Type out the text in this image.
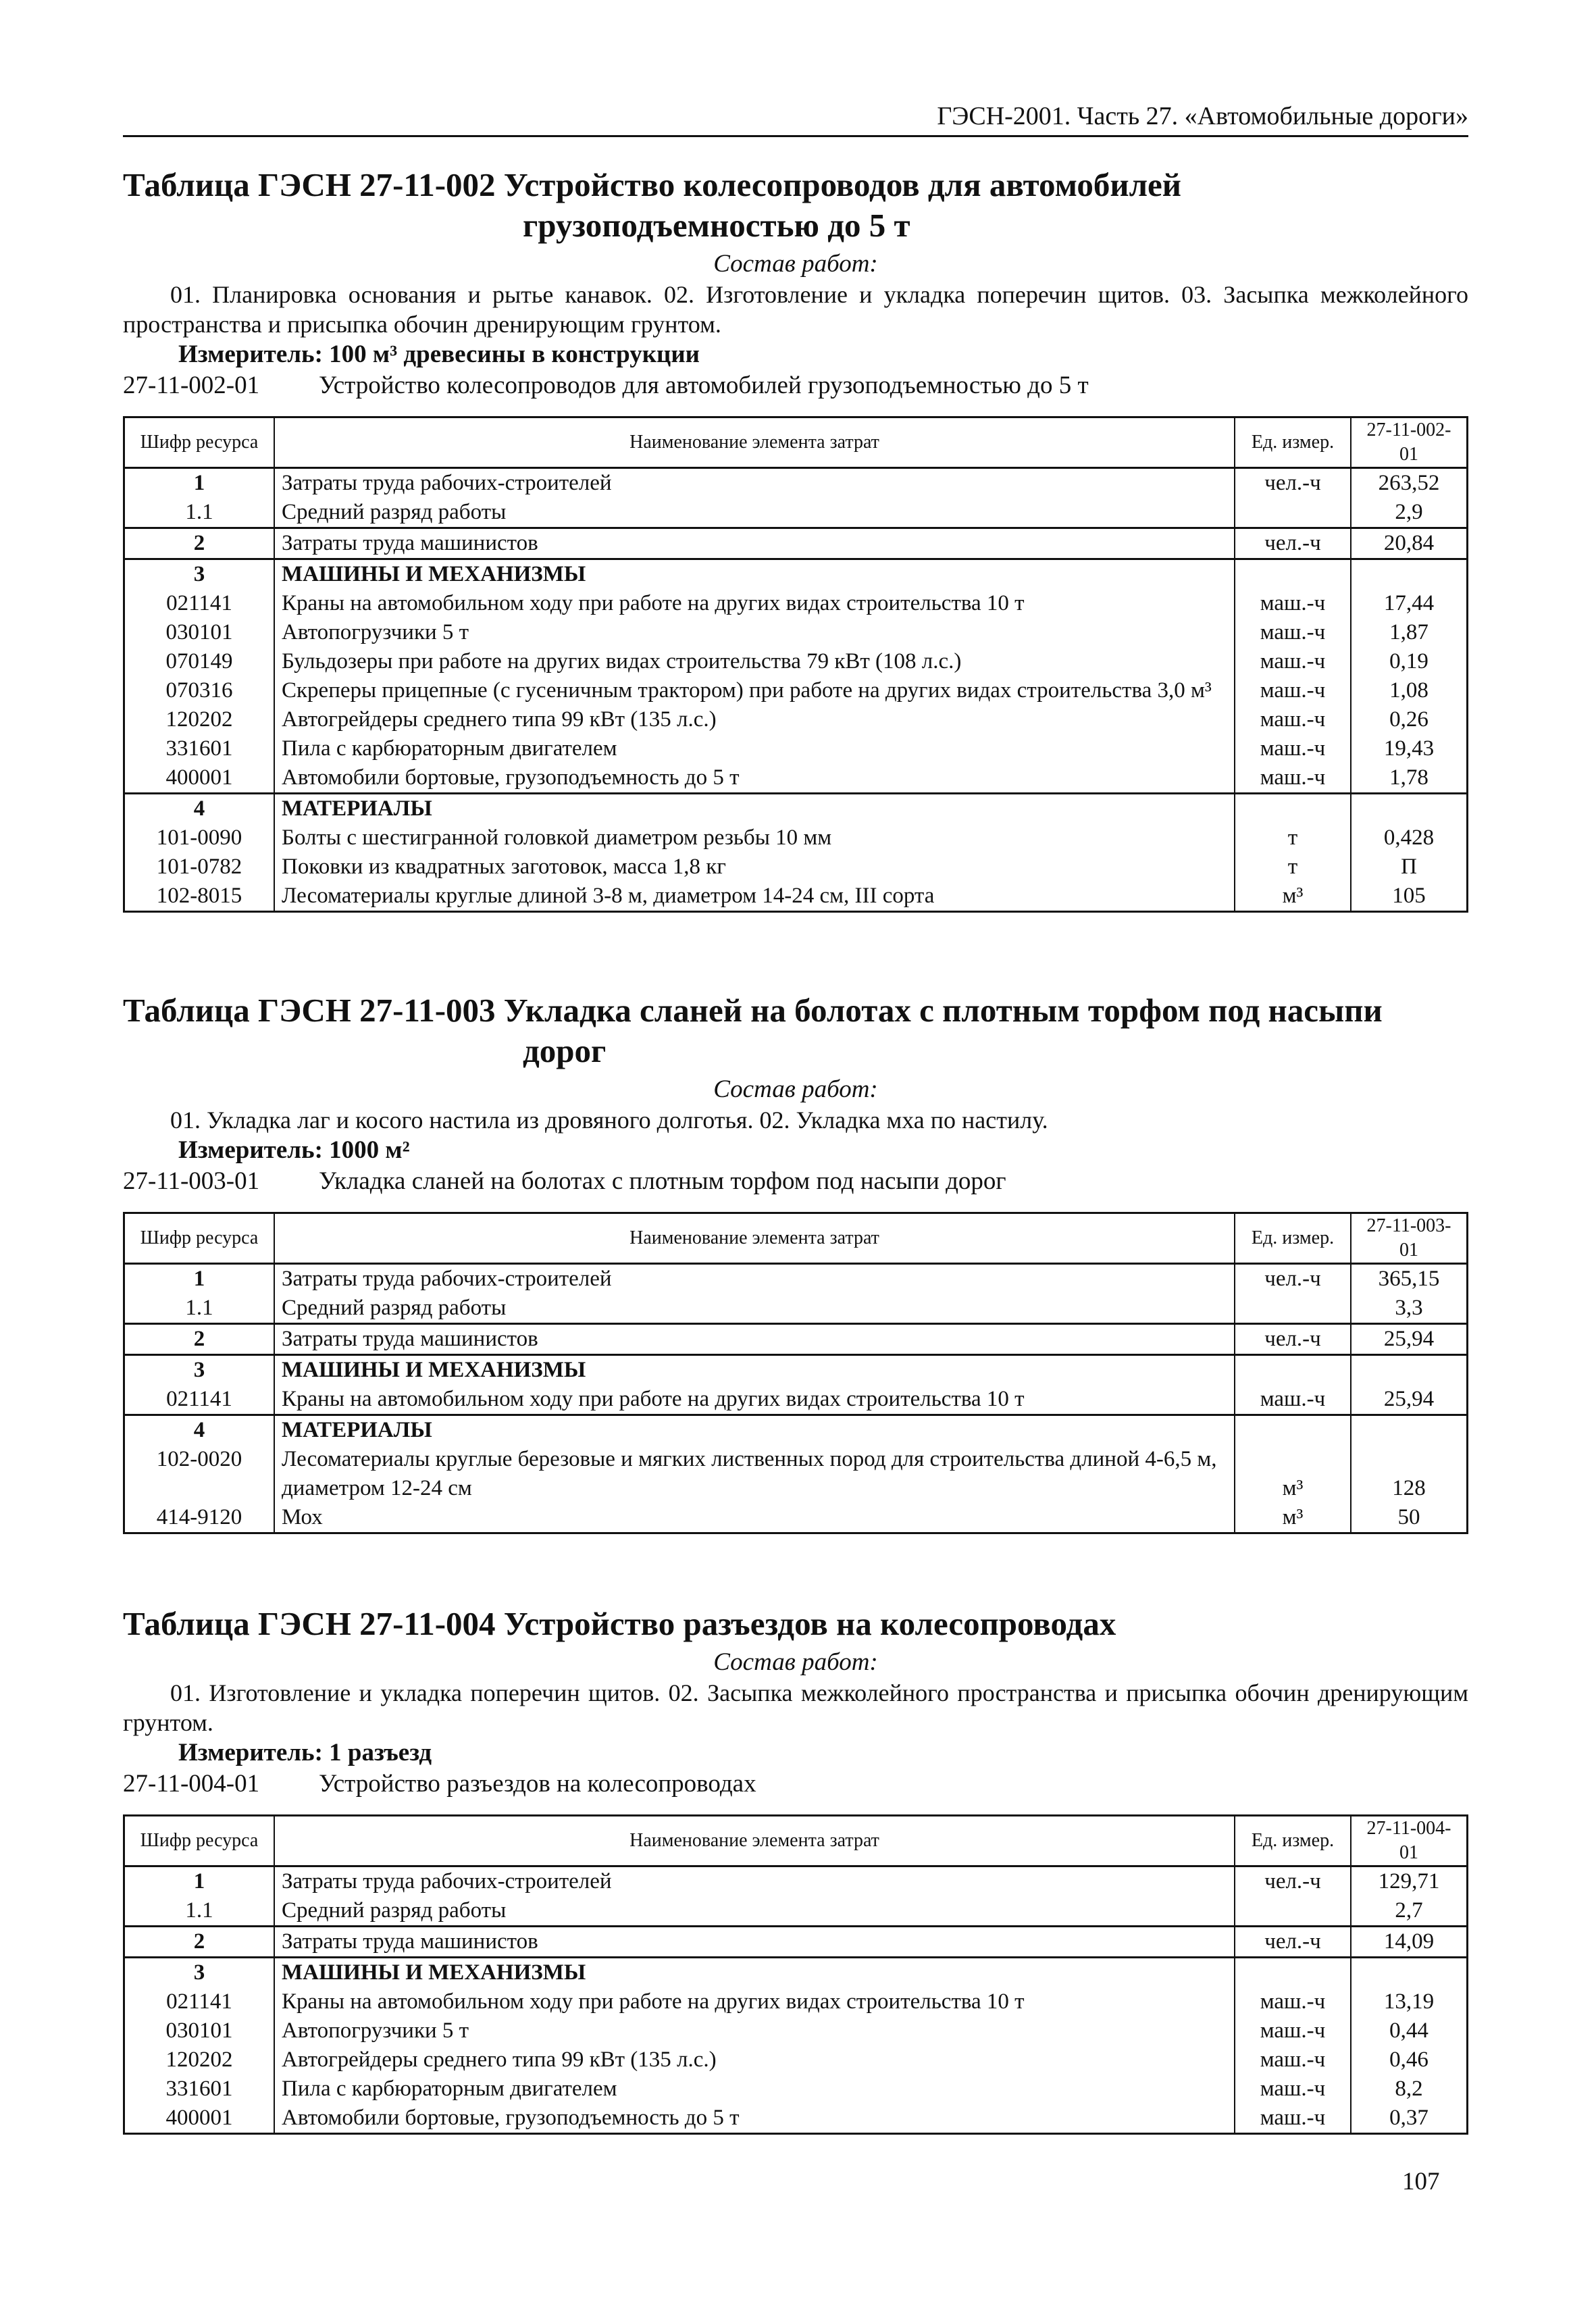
ГЭСН-2001. Часть 27. «Автомобильные дороги»

Таблица ГЭСН 27-11-002 Устройство колесопроводов для автомобилей
грузоподъемностью до 5 т

Состав работ:

01. Планировка основания и рытье канавок. 02. Изготовление и укладка поперечин щитов. 03. Засыпка межколейного пространства и присыпка обочин дренирующим грунтом.

Измеритель: 100 м³ древесины в конструкции

27-11-002-01 Устройство колесопроводов для автомобилей грузоподъемностью до 5 т

Шифр ресурса	Наименование элемента затрат	Ед. измер.	27-11-002-01
1	Затраты труда рабочих-строителей	чел.-ч	263,52
1.1	Средний разряд работы		2,9
2	Затраты труда машинистов	чел.-ч	20,84
3	МАШИНЫ И МЕХАНИЗМЫ		
021141	Краны на автомобильном ходу при работе на других видах строительства 10 т	маш.-ч	17,44
030101	Автопогрузчики 5 т	маш.-ч	1,87
070149	Бульдозеры при работе на других видах строительства 79 кВт (108 л.с.)	маш.-ч	0,19
070316	Скреперы прицепные (с гусеничным трактором) при работе на других видах строительства 3,0 м³	маш.-ч	1,08
120202	Автогрейдеры среднего типа 99 кВт (135 л.с.)	маш.-ч	0,26
331601	Пила с карбюраторным двигателем	маш.-ч	19,43
400001	Автомобили бортовые, грузоподъемность до 5 т	маш.-ч	1,78
4	МАТЕРИАЛЫ		
101-0090	Болты с шестигранной головкой диаметром резьбы 10 мм	т	0,428
101-0782	Поковки из квадратных заготовок, масса 1,8 кг	т	П
102-8015	Лесоматериалы круглые длиной 3-8 м, диаметром 14-24 см, III сорта	м³	105

Таблица ГЭСН 27-11-003 Укладка сланей на болотах с плотным торфом под насыпи
дорог

Состав работ:

01. Укладка лаг и косого настила из дровяного долготья. 02. Укладка мха по настилу.

Измеритель: 1000 м²

27-11-003-01 Укладка сланей на болотах с плотным торфом под насыпи дорог

Шифр ресурса	Наименование элемента затрат	Ед. измер.	27-11-003-01
1	Затраты труда рабочих-строителей	чел.-ч	365,15
1.1	Средний разряд работы		3,3
2	Затраты труда машинистов	чел.-ч	25,94
3	МАШИНЫ И МЕХАНИЗМЫ		
021141	Краны на автомобильном ходу при работе на других видах строительства 10 т	маш.-ч	25,94
4	МАТЕРИАЛЫ		
102-0020	Лесоматериалы круглые березовые и мягких лиственных пород для строительства длиной 4-6,5 м, диаметром 12-24 см	м³	128
414-9120	Мох	м³	50

Таблица ГЭСН 27-11-004 Устройство разъездов на колесопроводах

Состав работ:

01. Изготовление и укладка поперечин щитов. 02. Засыпка межколейного пространства и присыпка обочин дренирующим грунтом.

Измеритель: 1 разъезд

27-11-004-01 Устройство разъездов на колесопроводах

Шифр ресурса	Наименование элемента затрат	Ед. измер.	27-11-004-01
1	Затраты труда рабочих-строителей	чел.-ч	129,71
1.1	Средний разряд работы		2,7
2	Затраты труда машинистов	чел.-ч	14,09
3	МАШИНЫ И МЕХАНИЗМЫ		
021141	Краны на автомобильном ходу при работе на других видах строительства 10 т	маш.-ч	13,19
030101	Автопогрузчики 5 т	маш.-ч	0,44
120202	Автогрейдеры среднего типа 99 кВт (135 л.с.)	маш.-ч	0,46
331601	Пила с карбюраторным двигателем	маш.-ч	8,2
400001	Автомобили бортовые, грузоподъемность до 5 т	маш.-ч	0,37
107
